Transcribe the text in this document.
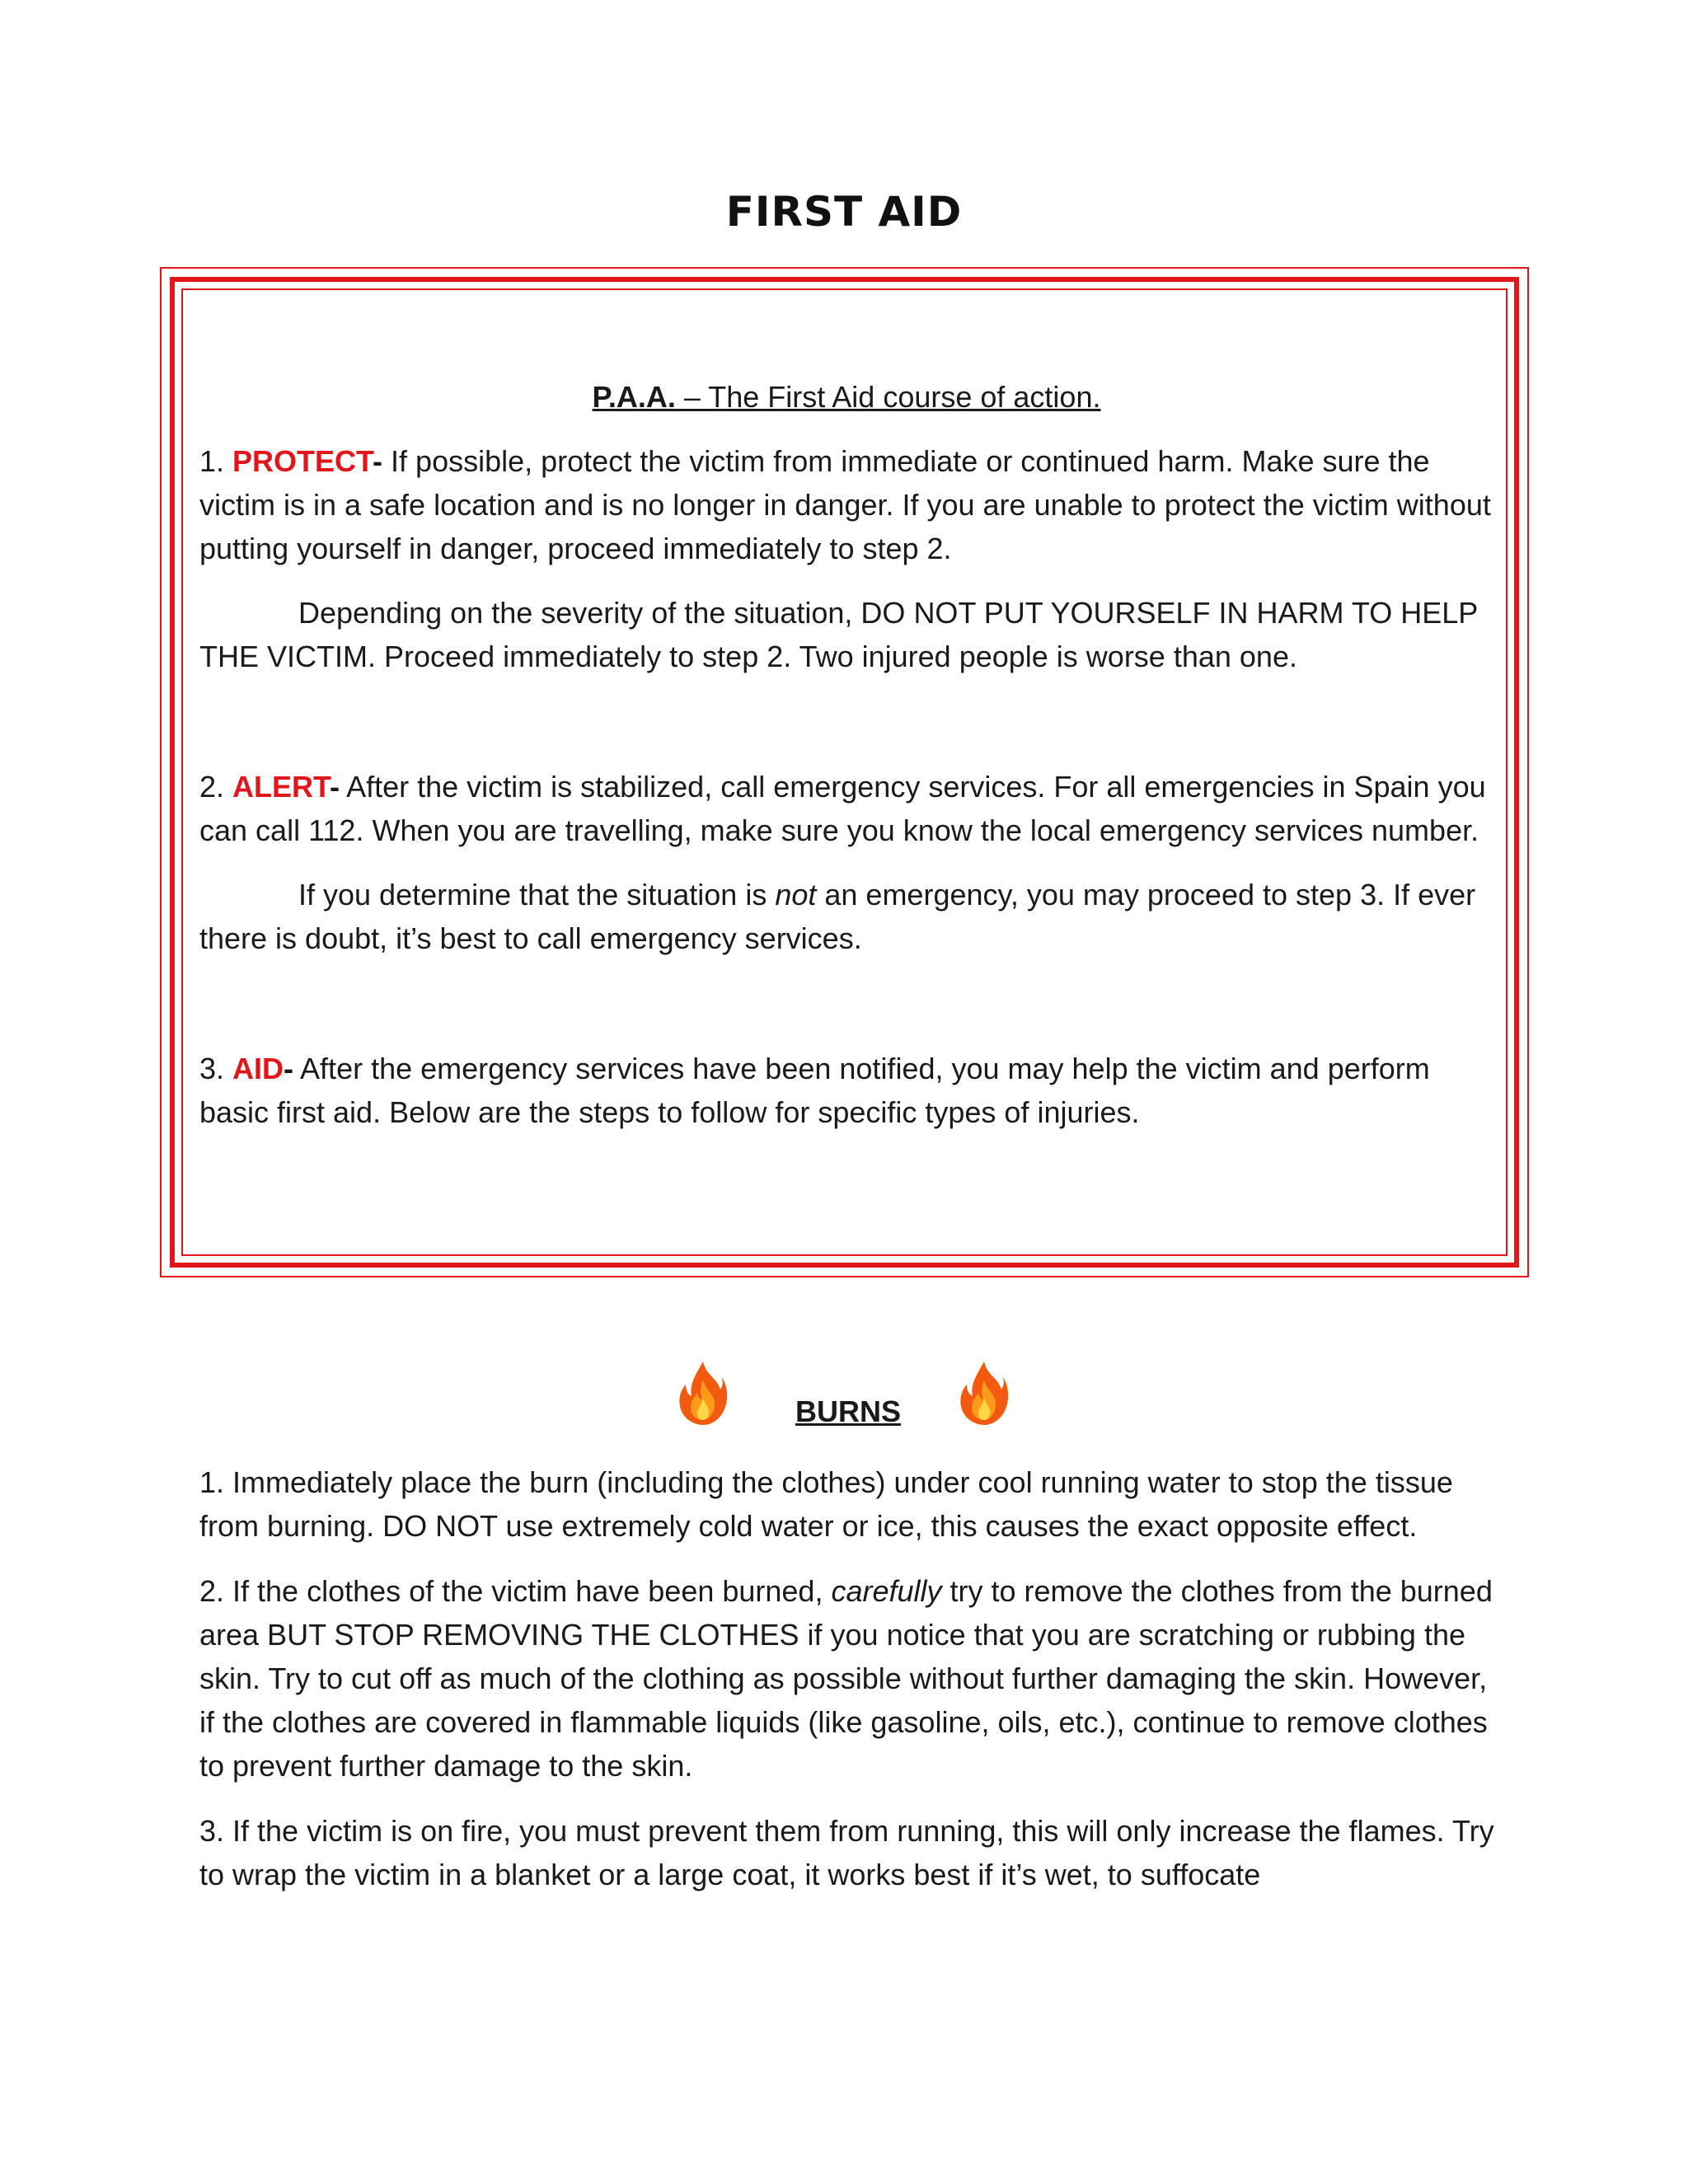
FIRST AID

P.A.A. – The First Aid course of action.

1. PROTECT- If possible, protect the victim from immediate or continued harm. Make sure the victim is in a safe location and is no longer in danger. If you are unable to protect the victim without putting yourself in danger, proceed immediately to step 2.

Depending on the severity of the situation, DO NOT PUT YOURSELF IN HARM TO HELP THE VICTIM. Proceed immediately to step 2. Two injured people is worse than one.

2. ALERT- After the victim is stabilized, call emergency services. For all emergencies in Spain you can call 112. When you are travelling, make sure you know the local emergency services number.

If you determine that the situation is not an emergency, you may proceed to step 3. If ever there is doubt, it’s best to call emergency services.

3. AID- After the emergency services have been notified, you may help the victim and perform basic first aid. Below are the steps to follow for specific types of injuries.

BURNS

1. Immediately place the burn (including the clothes) under cool running water to stop the tissue from burning. DO NOT use extremely cold water or ice, this causes the exact opposite effect.

2. If the clothes of the victim have been burned, carefully try to remove the clothes from the burned area BUT STOP REMOVING THE CLOTHES if you notice that you are scratching or rubbing the skin. Try to cut off as much of the clothing as possible without further damaging the skin. However, if the clothes are covered in flammable liquids (like gasoline, oils, etc.), continue to remove clothes to prevent further damage to the skin.

3. If the victim is on fire, you must prevent them from running, this will only increase the flames. Try to wrap the victim in a blanket or a large coat, it works best if it’s wet, to suffocate
